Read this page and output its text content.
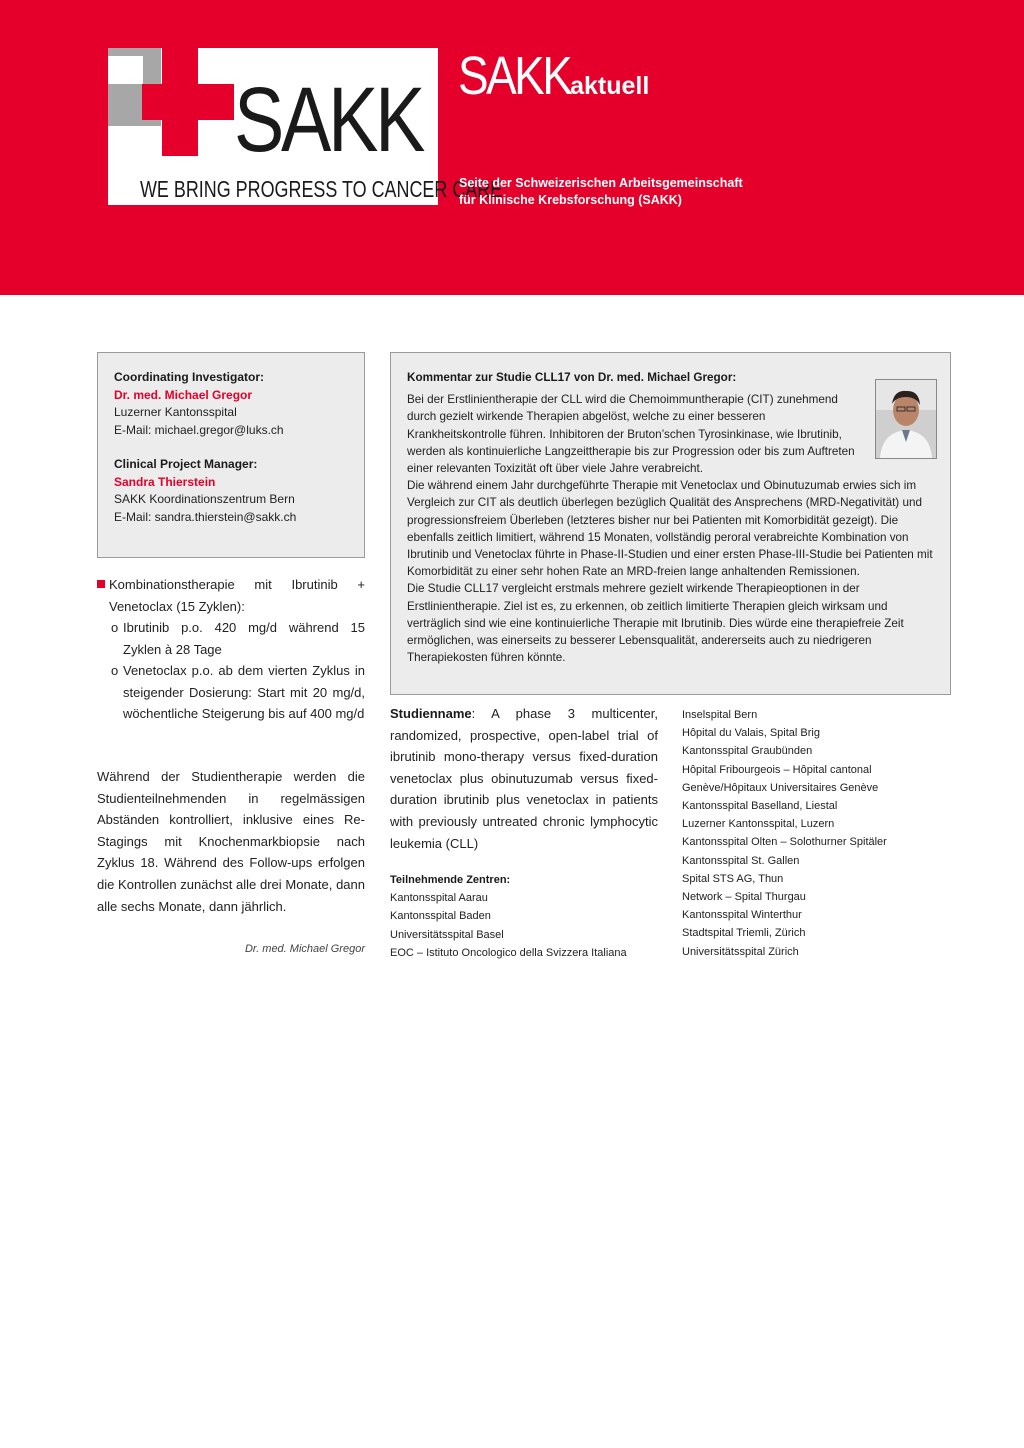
SAKK
WE BRING PROGRESS TO CANCER CARE
SAKKaktuell
Seite der Schweizerischen Arbeitsgemeinschaft
für Klinische Krebsforschung (SAKK)
Coordinating Investigator:
Dr. med. Michael Gregor
Luzerner Kantonsspital
E-Mail: michael.gregor@luks.ch
Clinical Project Manager:
Sandra Thierstein
SAKK Koordinationszentrum Bern
E-Mail: sandra.thierstein@sakk.ch
Kombinationstherapie mit Ibrutinib + Venetoclax (15 Zyklen):
o Ibrutinib p.o. 420 mg/d während 15 Zyklen à 28 Tage
o Venetoclax p.o. ab dem vierten Zyklus in steigender Dosierung: Start mit 20 mg/d, wöchentliche Steigerung bis auf 400 mg/d
Während der Studientherapie werden die Studienteilnehmenden in regelmässigen Abständen kontrolliert, inklusive eines Re-Stagings mit Knochenmarkbiopsie nach Zyklus 18. Während des Follow-ups erfolgen die Kontrollen zunächst alle drei Monate, dann alle sechs Monate, dann jährlich.
Dr. med. Michael Gregor
Kommentar zur Studie CLL17 von Dr. med. Michael Gregor:

Bei der Erstlinientherapie der CLL wird die Chemoimmuntherapie (CIT) zunehmend durch gezielt wirkende Therapien abgelöst, welche zu einer besseren Krankheitskontrolle führen. Inhibitoren der Bruton’schen Tyrosinkinase, wie Ibrutinib, werden als kontinuierliche Langzeittherapie bis zur Progression oder bis zum Auftreten einer relevanten Toxizität oft über viele Jahre verabreicht.

Die während einem Jahr durchgeführte Therapie mit Venetoclax und Obinutuzumab erwies sich im Vergleich zur CIT als deutlich überlegen bezüglich Qualität des Ansprechens (MRD-Negativität) und progressionsfreiem Überleben (letzteres bisher nur bei Patienten mit Komorbidität gezeigt). Die ebenfalls zeitlich limitiert, während 15 Monaten, vollständig peroral verabreichte Kombination von Ibrutinib und Venetoclax führte in Phase-II-Studien und einer ersten Phase-III-Studie bei Patienten mit Komorbidität zu einer sehr hohen Rate an MRD-freien lange anhaltenden Remissionen.

Die Studie CLL17 vergleicht erstmals mehrere gezielt wirkende Therapieoptionen in der Erstlinientherapie. Ziel ist es, zu erkennen, ob zeitlich limitierte Therapien gleich wirksam und verträglich sind wie eine kontinuierliche Therapie mit Ibrutinib. Dies würde eine therapiefreie Zeit ermöglichen, was einerseits zu besserer Lebensqualität, andererseits auch zu niedrigeren Therapiekosten führen könnte.

Studienname: A phase 3 multicenter, randomized, prospective, open-label trial of ibrutinib mono-therapy versus fixed-duration venetoclax plus obinutuzumab versus fixed-duration ibrutinib plus venetoclax in patients with previously untreated chronic lymphocytic leukemia (CLL)
Teilnehmende Zentren:
Kantonsspital Aarau
Kantonsspital Baden
Universitätsspital Basel
EOC – Istituto Oncologico della Svizzera Italiana
Inselspital Bern
Hôpital du Valais, Spital Brig
Kantonsspital Graubünden
Hôpital Fribourgeois – Hôpital cantonal
Genève/Hôpitaux Universitaires Genève
Kantonsspital Baselland, Liestal
Luzerner Kantonsspital, Luzern
Kantonsspital Olten – Solothurner Spitäler
Kantonsspital St. Gallen
Spital STS AG, Thun
Network – Spital Thurgau
Kantonsspital Winterthur
Stadtspital Triemli, Zürich
Universitätsspital Zürich
